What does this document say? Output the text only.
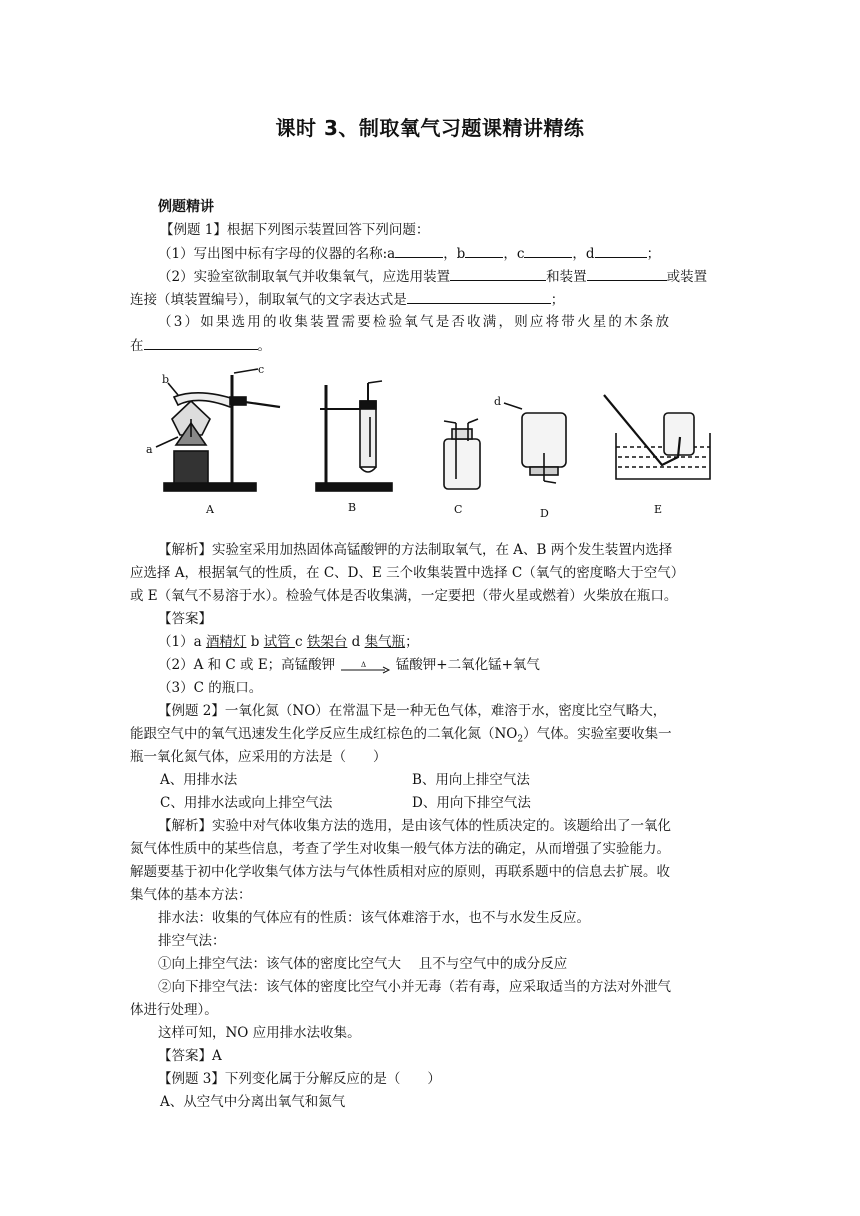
课时 3、制取氧气习题课精讲精练
例题精讲
【例题 1】根据下列图示装置回答下列问题：
（1）写出图中标有字母的仪器的名称:a	，b	，c	，d	；
（2）实验室欲制取氧气并收集氧气，应选用装置	和装置	或装置
连接（填装置编号），制取氧气的文字表达式是	；
（3）如果选用的收集装置需要检验氧气是否收满，则应将带火星的木条放
在	。
b
c
a
d
A	B	C	D	E
【解析】实验室采用加热固体高锰酸钾的方法制取氧气，在 A、B 两个发生装置内选择
应选择 A，根据氧气的性质，在 C、D、E 三个收集装置中选择 C（氧气的密度略大于空气）
或 E（氧气不易溶于水）。检验气体是否收集满，一定要把（带火星或燃着）火柴放在瓶口。
【答案】
（1）a 酒精灯 b 试管 c 铁架台 d 集气瓶；
（2）A 和 C 或 E；高锰酸钾	Δ 锰酸钾+二氧化锰+氧气
（3）C 的瓶口。
【例题 2】一氧化氮（NO）在常温下是一种无色气体，难溶于水，密度比空气略大，
能跟空气中的氧气迅速发生化学反应生成红棕色的二氧化氮$(NO_2)$气体。实验室要收集一
瓶一氧化氮气体，应采用的方法是（　　）
A、用排水法	B、用向上排空气法
C、用排水法或向上排空气法	D、用向下排空气法
【解析】实验中对气体收集方法的选用，是由该气体的性质决定的。该题给出了一氧化
氮气体性质中的某些信息，考查了学生对收集一般气体方法的确定，从而增强了实验能力。
解题要基于初中化学收集气体方法与气体性质相对应的原则，再联系题中的信息去扩展。收
集气体的基本方法：
排水法：收集的气体应有的性质：该气体难溶于水，也不与水发生反应。
排空气法：
①向上排空气法：该气体的密度比空气大　 且不与空气中的成分反应
②向下排空气法：该气体的密度比空气小并无毒（若有毒，应采取适当的方法对外泄气
体进行处理）。
这样可知，NO 应用排水法收集。
【答案】A
【例题 3】下列变化属于分解反应的是（　　）
A、从空气中分离出氧气和氮气
